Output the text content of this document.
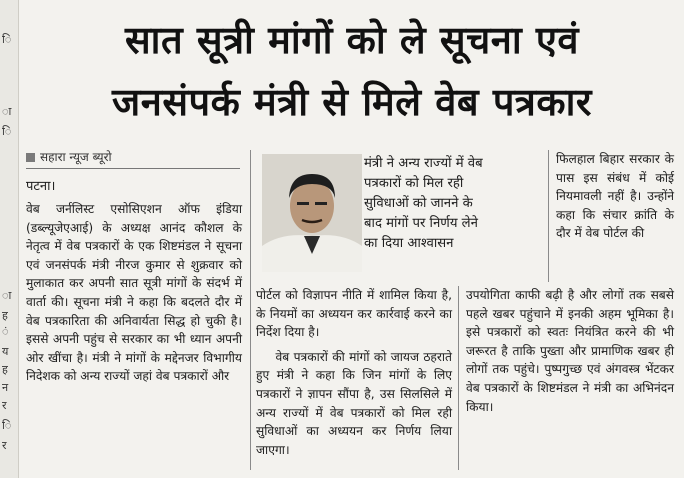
ि
ा
ि
ा
ह
ं
य
ह
न
र
ि
र
सात सूत्री मांगों को ले सूचना एवं
जनसंपर्क मंत्री से मिले वेब पत्रकार
सहारा न्यूज ब्यूरो
पटना।

वेब जर्नलिस्ट एसोसिएशन ऑफ इंडिया (डब्ल्यूजेएआई) के अध्यक्ष आनंद कौशल के नेतृत्व में वेब पत्रकारों के एक शिष्टमंडल ने सूचना एवं जनसंपर्क मंत्री नीरज कुमार से शुक्रवार को मुलाकात कर अपनी सात सूत्री मांगों के संदर्भ में वार्ता की। सूचना मंत्री ने कहा कि बदलते दौर में वेब पत्रकारिता की अनिवार्यता सिद्ध हो चुकी है। इससे अपनी पहुंच से सरकार का भी ध्यान अपनी ओर खींचा है। मंत्री ने मांगों के मद्देनजर विभागीय निदेशक को अन्य राज्यों जहां वेब पत्रकारों और

मंत्री ने अन्य राज्यों में वेब
पत्रकारों को मिल रही
सुविधाओं को जानने के
बाद मांगों पर निर्णय लेने
का दिया आश्वासन

फिलहाल बिहार सरकार के पास इस संबंध में कोई नियमावली नहीं है। उन्होंने कहा कि संचार क्रांति के दौर में वेब पोर्टल की

पोर्टल को विज्ञापन नीति में शामिल किया है, के नियमों का अध्ययन कर कार्रवाई करने का निर्देश दिया है।

वेब पत्रकारों की मांगों को जायज ठहराते हुए मंत्री ने कहा कि जिन मांगों के लिए पत्रकारों ने ज्ञापन सौंपा है, उस सिलसिले में अन्य राज्यों में वेब पत्रकारों को मिल रही सुविधाओं का अध्ययन कर निर्णय लिया जाएगा।

उपयोगिता काफी बढ़ी है और लोगों तक सबसे पहले खबर पहुंचाने में इनकी अहम भूमिका है। इसे पत्रकारों को स्वतः नियंत्रित करने की भी जरूरत है ताकि पुख्ता और प्रामाणिक खबर ही लोगों तक पहुंचे। पुष्पगुच्छ एवं अंगवस्त्र भेंटकर वेब पत्रकारों के शिष्टमंडल ने मंत्री का अभिनंदन किया।
